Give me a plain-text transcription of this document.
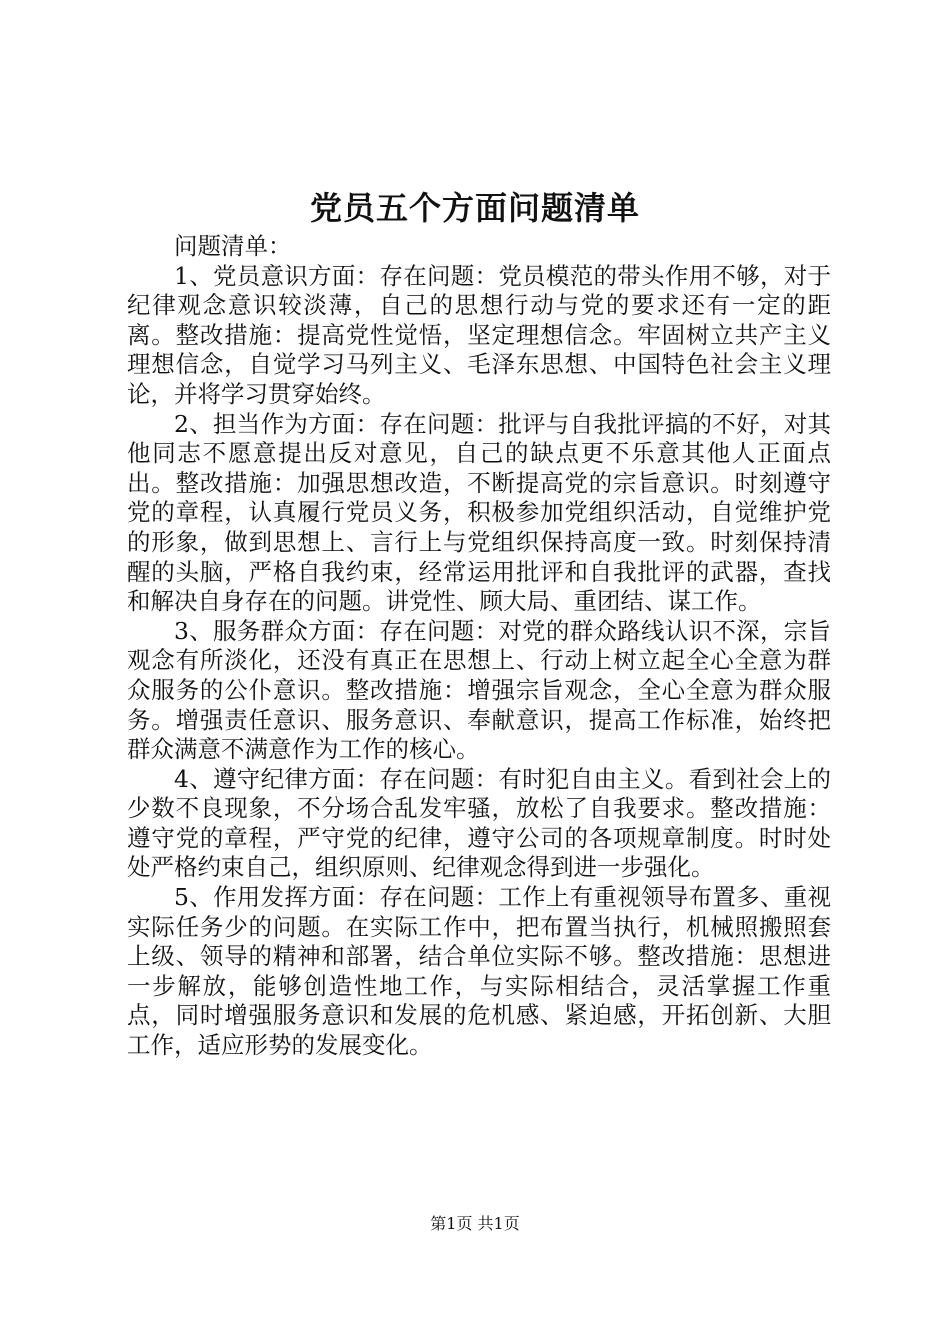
党员五个方面问题清单

问题清单：

1、党员意识方面：存在问题：党员模范的带头作用不够，对于纪律观念意识较淡薄，自己的思想行动与党的要求还有一定的距离。整改措施：提高党性觉悟，坚定理想信念。牢固树立共产主义理想信念，自觉学习马列主义、毛泽东思想、中国特色社会主义理论，并将学习贯穿始终。

2、担当作为方面：存在问题：批评与自我批评搞的不好，对其他同志不愿意提出反对意见，自己的缺点更不乐意其他人正面点出。整改措施：加强思想改造，不断提高党的宗旨意识。时刻遵守党的章程，认真履行党员义务，积极参加党组织活动，自觉维护党的形象，做到思想上、言行上与党组织保持高度一致。时刻保持清醒的头脑，严格自我约束，经常运用批评和自我批评的武器，查找和解决自身存在的问题。讲党性、顾大局、重团结、谋工作。

3、服务群众方面：存在问题：对党的群众路线认识不深，宗旨观念有所淡化，还没有真正在思想上、行动上树立起全心全意为群众服务的公仆意识。整改措施：增强宗旨观念，全心全意为群众服务。增强责任意识、服务意识、奉献意识，提高工作标准，始终把群众满意不满意作为工作的核心。

4、遵守纪律方面：存在问题：有时犯自由主义。看到社会上的少数不良现象，不分场合乱发牢骚，放松了自我要求。整改措施：遵守党的章程，严守党的纪律，遵守公司的各项规章制度。时时处处严格约束自己，组织原则、纪律观念得到进一步强化。

5、作用发挥方面：存在问题：工作上有重视领导布置多、重视实际任务少的问题。在实际工作中，把布置当执行，机械照搬照套上级、领导的精神和部署，结合单位实际不够。整改措施：思想进一步解放，能够创造性地工作，与实际相结合，灵活掌握工作重点，同时增强服务意识和发展的危机感、紧迫感，开拓创新、大胆工作，适应形势的发展变化。

第1页 共1页
